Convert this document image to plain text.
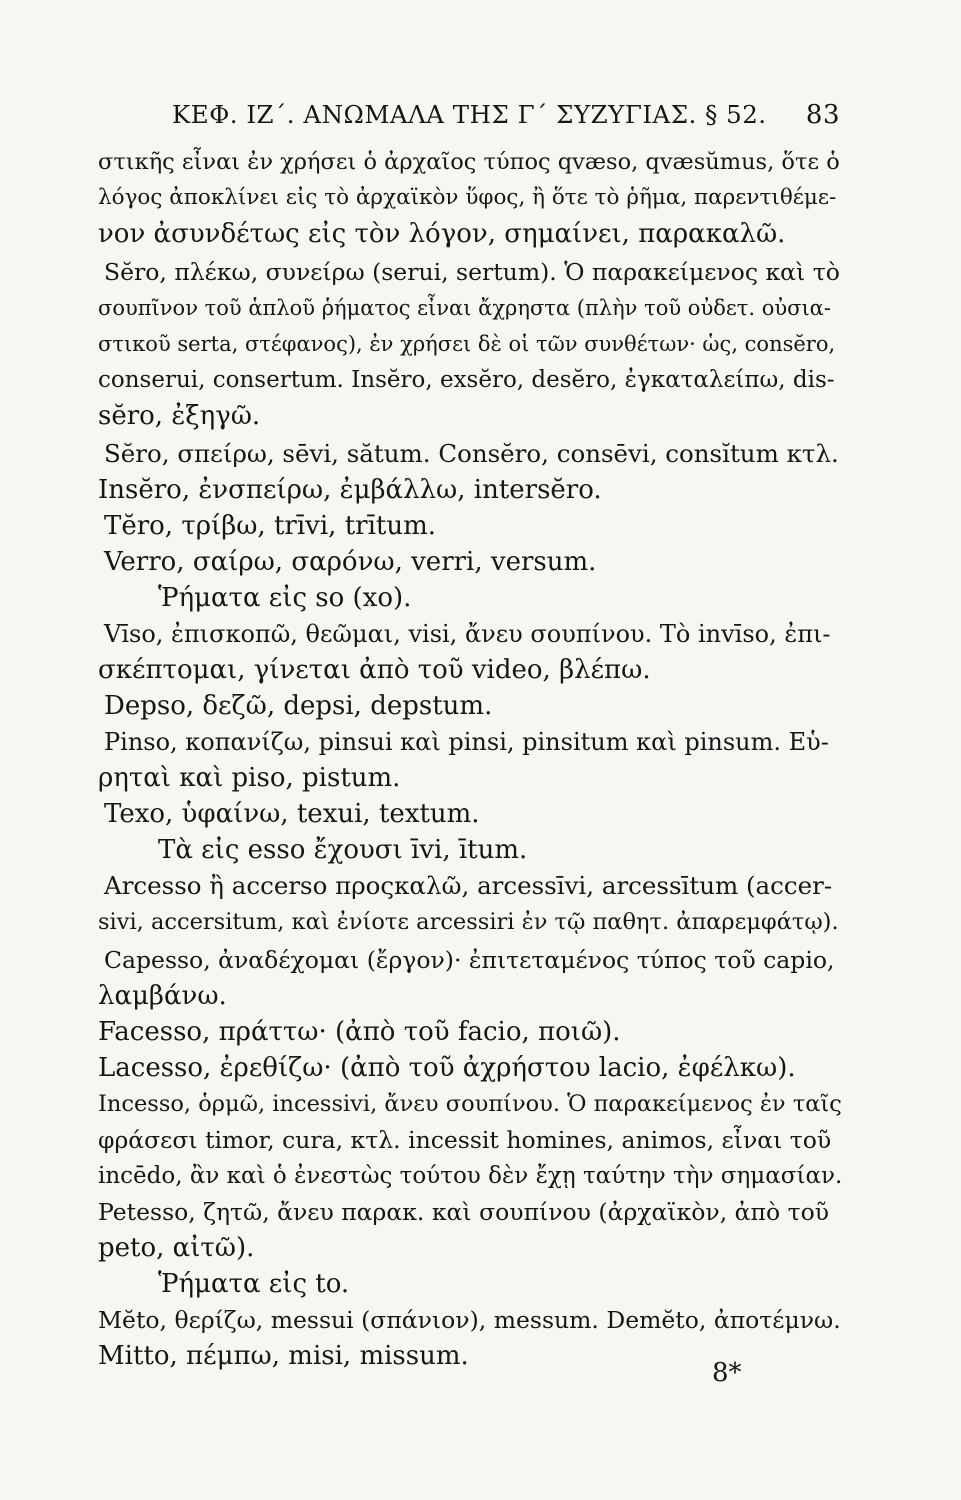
ΚΕΦ. ΙΖ΄. ΑΝΩΜΑΛΑ ΤΗΣ Γ΄ ΣΥΖΥΓΙΑΣ. § 52. 83
στικῆς εἶναι ἐν χρήσει ὁ ἀρχαῖος τύπος qvæso, qvæsŭmus, ὅτε ὁ
λόγος ἀποκλίνει εἰς τὸ ἀρχαϊκὸν ὕφος, ἢ ὅτε τὸ ῥῆμα, παρεντιθέμε-
νον ἀσυνδέτως εἰς τὸν λόγον, σημαίνει, παρακαλῶ.
Sĕro, πλέκω, συνείρω (serui, sertum). Ὁ παρακείμενος καὶ τὸ
σουπῖνον τοῦ ἁπλοῦ ῥήματος εἶναι ἄχρηστα (πλὴν τοῦ οὐδετ. οὐσια-
στικοῦ serta, στέφανος), ἐν χρήσει δὲ οἱ τῶν συνθέτων· ὡς, consĕro,
conserui, consertum. Insĕro, exsĕro, desĕro, ἐγκαταλείπω, dis-
sĕro, ἐξηγῶ.
Sĕro, σπείρω, sēvi, sătum. Consĕro, consēvi, consĭtum κτλ.
Insĕro, ἐνσπείρω, ἐμβάλλω, intersĕro.
Tĕro, τρίβω, trīvi, trītum.
Verro, σαίρω, σαρόνω, verri, versum.
Ῥήματα εἰς so (xo).
Vīso, ἐπισκοπῶ, θεῶμαι, visi, ἄνευ σουπίνου. Τὸ invīso, ἐπι-
σκέπτομαι, γίνεται ἀπὸ τοῦ video, βλέπω.
Depso, δεζῶ, depsi, depstum.
Pinso, κοπανίζω, pinsui καὶ pinsi, pinsitum καὶ pinsum. Εὑ-
ρηταὶ καὶ piso, pistum.
Texo, ὑφαίνω, texui, textum.
Τὰ εἰς esso ἔχουσι īvi, ītum.
Arcesso ἢ accerso προςκαλῶ, arcessīvi, arcessītum (accer-
sivi, accersitum, καὶ ἐνίοτε arcessiri ἐν τῷ παθητ. ἀπαρεμφάτῳ).
Capesso, ἀναδέχομαι (ἔργον)· ἐπιτεταμένος τύπος τοῦ capio,
λαμβάνω.
Facesso, πράττω· (ἀπὸ τοῦ facio, ποιῶ).
Lacesso, ἐρεθίζω· (ἀπὸ τοῦ ἀχρήστου lacio, ἐφέλκω).
Incesso, ὁρμῶ, incessivi, ἄνευ σουπίνου. Ὁ παρακείμενος ἐν ταῖς
φράσεσι timor, cura, κτλ. incessit homines, animos, εἶναι τοῦ
incēdo, ἂν καὶ ὁ ἐνεστὼς τούτου δὲν ἔχῃ ταύτην τὴν σημασίαν.
Petesso, ζητῶ, ἄνευ παρακ. καὶ σουπίνου (ἀρχαϊκὸν, ἀπὸ τοῦ
peto, αἰτῶ).
Ῥήματα εἰς to.
Mĕto, θερίζω, messui (σπάνιον), messum. Demĕto, ἀποτέμνω.
Mitto, πέμπω, misi, missum.
8*
